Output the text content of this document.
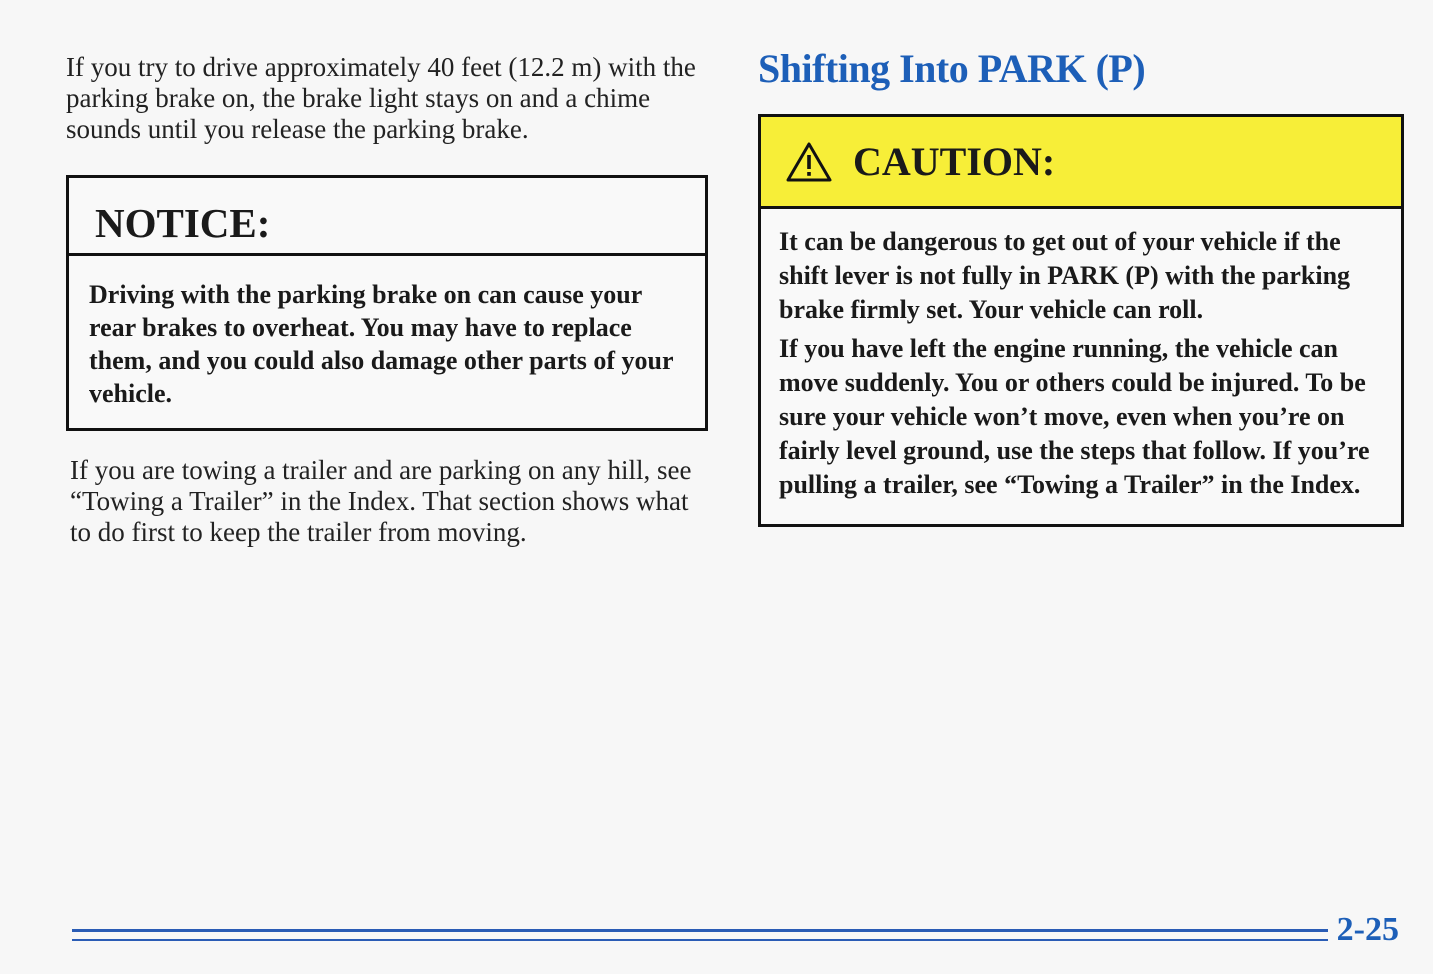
If you try to drive approximately 40 feet (12.2 m) with the parking brake on, the brake light stays on and a chime sounds until you release the parking brake.

NOTICE:
Driving with the parking brake on can cause your rear brakes to overheat. You may have to replace them, and you could also damage other parts of your vehicle.

If you are towing a trailer and are parking on any hill, see “Towing a Trailer” in the Index. That section shows what to do first to keep the trailer from moving.

Shifting Into PARK (P)
CAUTION:

It can be dangerous to get out of your vehicle if the shift lever is not fully in PARK (P) with the parking brake firmly set. Your vehicle can roll.

If you have left the engine running, the vehicle can move suddenly. You or others could be injured. To be sure your vehicle won’t move, even when you’re on fairly level ground, use the steps that follow. If you’re pulling a trailer, see “Towing a Trailer” in the Index.

2-25
